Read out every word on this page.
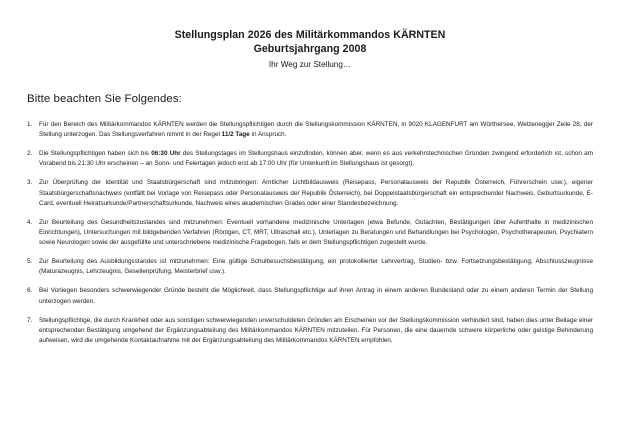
Stellungsplan 2026 des Militärkommandos KÄRNTEN
Geburtsjahrgang 2008
Ihr Weg zur Stellung…
Bitte beachten Sie Folgendes:
1.	Für den Bereich des Militärkommandos KÄRNTEN werden die Stellungspflichtigen durch die Stellungskommission KÄRNTEN, in 9020 KLAGENFURT am Wörthersee, Welzenegger Zeile 28, der Stellung unterzogen. Das Stellungsverfahren nimmt in der Regel 11/2 Tage in Anspruch.
2.	Die Stellungspflichtigen haben sich bis 06:30 Uhr des Stellungstages im Stellungshaus einzufinden, können aber, wenn es aus verkehrstechnischen Gründen zwingend erforderlich ist, schon am Vorabend bis 21:30 Uhr erscheinen – an Sonn- und Feiertagen jedoch erst ab 17:00 Uhr (für Unterkunft im Stellungshaus ist gesorgt).
3.	Zur Überprüfung der Identität und Staatsbürgerschaft sind mitzubringen: Amtlicher Lichtbildausweis (Reisepass, Personalausweis der Republik Österreich, Führerschein usw.), eigener Staatsbürgerschaftsnachweis (entfällt bei Vorlage von Reisepass oder Personalausweis der Republik Österreich), bei Doppelstaatsbürgerschaft ein entsprechender Nachweis, Geburtsurkunde, E-Card, eventuell Heiratsurkunde/Partnerschaftsurkunde, Nachweis eines akademischen Grades oder einer Standesbezeichnung.
4.	Zur Beurteilung des Gesundheitszustandes sind mitzunehmen: Eventuell vorhandene medizinische Unterlagen (etwa Befunde, Gutachten, Bestätigungen über Aufenthalte in medizinischen Einrichtungen), Untersuchungen mit bildgebenden Verfahren (Röntgen, CT, MRT, Ultraschall etc.), Unterlagen zu Beratungen und Behandlungen bei Psychologen, Psychotherapeuten, Psychiatern sowie Neurologen sowie der ausgefüllte und unterschriebene medizinische Fragebogen, falls er dem Stellungspflichtigen zugestellt wurde.
5.	Zur Beurteilung des Ausbildungsstandes ist mitzunehmen: Eine gültige Schulbesuchsbestätigung, ein protokollierter Lehrvertrag, Studien- bzw. Fortsetzungsbestätigung, Abschlusszeugnisse (Maturazeugnis, Lehrzeugnis, Gesellenprüfung, Meisterbrief usw.).
6.	Bei Vorliegen besonders schwerwiegender Gründe besteht die Möglichkeit, dass Stellungspflichtige auf ihren Antrag in einem anderen Bundesland oder zu einem anderen Termin der Stellung unterzogen werden.
7.	Stellungspflichtige, die durch Krankheit oder aus sonstigen schwerwiegenden unverschuldeten Gründen am Erscheinen vor der Stellungskommission verhindert sind, haben dies unter Beilage einer entsprechenden Bestätigung umgehend der Ergänzungsabteilung des Militärkommandos KÄRNTEN mitzuteilen. Für Personen, die eine dauernde schwere körperliche oder geistige Behinderung aufweisen, wird die umgehende Kontaktaufnahme mit der Ergänzungsabteilung des Militärkommandos KÄRNTEN empfohlen.
